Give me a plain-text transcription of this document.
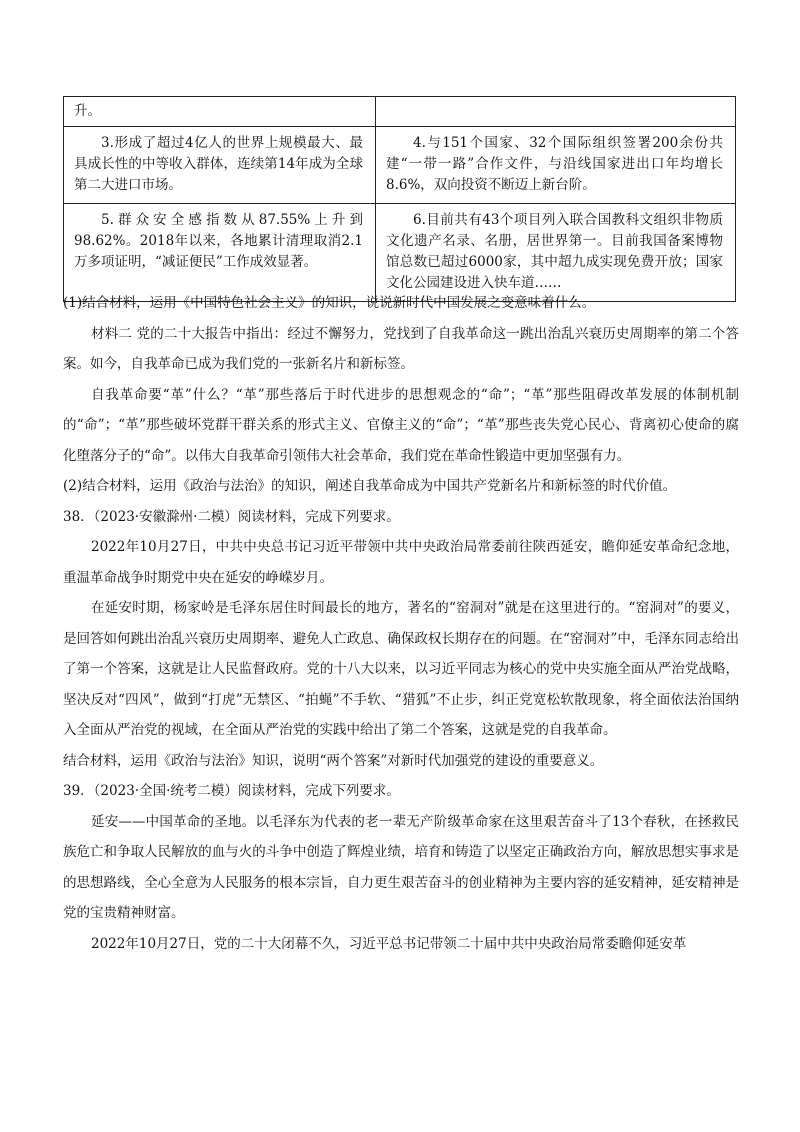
升。	

3.形成了超过4亿人的世界上规模最大、最具成长性的中等收入群体，连续第14年成为全球第二大进口市场。	4.与151个国家、32个国际组织签署200余份共建“一带一路”合作文件，与沿线国家进出口年均增长8.6%，双向投资不断迈上新台阶。

5.群众安全感指数从87.55%上升到98.62%。2018年以来，各地累计清理取消2.1万多项证明，“减证便民”工作成效显著。	6.目前共有43个项目列入联合国教科文组织非物质文化遗产名录、名册，居世界第一。目前我国备案博物馆总数已超过6000家，其中超九成实现免费开放；国家文化公园建设进入快车道……

(1)结合材料，运用《中国特色社会主义》的知识，说说新时代中国发展之变意味着什么。

材料二 党的二十大报告中指出：经过不懈努力，党找到了自我革命这一跳出治乱兴衰历史周期率的第二个答案。如今，自我革命已成为我们党的一张新名片和新标签。

自我革命要“革”什么？“革”那些落后于时代进步的思想观念的“命”；“革”那些阻碍改革发展的体制机制的“命”；“革”那些破坏党群干群关系的形式主义、官僚主义的“命”；“革”那些丧失党心民心、背离初心使命的腐化堕落分子的“命”。以伟大自我革命引领伟大社会革命，我们党在革命性锻造中更加坚强有力。

(2)结合材料，运用《政治与法治》的知识，阐述自我革命成为中国共产党新名片和新标签的时代价值。

38．（2023·安徽滁州·二模）阅读材料，完成下列要求。

2022年10月27日，中共中央总书记习近平带领中共中央政治局常委前往陕西延安，瞻仰延安革命纪念地，重温革命战争时期党中央在延安的峥嵘岁月。

在延安时期，杨家岭是毛泽东居住时间最长的地方，著名的“窑洞对”就是在这里进行的。“窑洞对”的要义，是回答如何跳出治乱兴衰历史周期率、避免人亡政息、确保政权长期存在的问题。在“窑洞对”中，毛泽东同志给出了第一个答案，这就是让人民监督政府。党的十八大以来，以习近平同志为核心的党中央实施全面从严治党战略，坚决反对“四风”，做到“打虎”无禁区、“拍蝇”不手软、“猎狐”不止步，纠正党宽松软散现象，将全面依法治国纳入全面从严治党的视域，在全面从严治党的实践中给出了第二个答案，这就是党的自我革命。

结合材料，运用《政治与法治》知识，说明“两个答案”对新时代加强党的建设的重要意义。

39．（2023·全国·统考二模）阅读材料，完成下列要求。

延安——中国革命的圣地。以毛泽东为代表的老一辈无产阶级革命家在这里艰苦奋斗了13个春秋，在拯救民族危亡和争取人民解放的血与火的斗争中创造了辉煌业绩，培育和铸造了以坚定正确政治方向，解放思想实事求是的思想路线，全心全意为人民服务的根本宗旨，自力更生艰苦奋斗的创业精神为主要内容的延安精神，延安精神是党的宝贵精神财富。

2022年10月27日，党的二十大闭幕不久，习近平总书记带领二十届中共中央政治局常委瞻仰延安革
